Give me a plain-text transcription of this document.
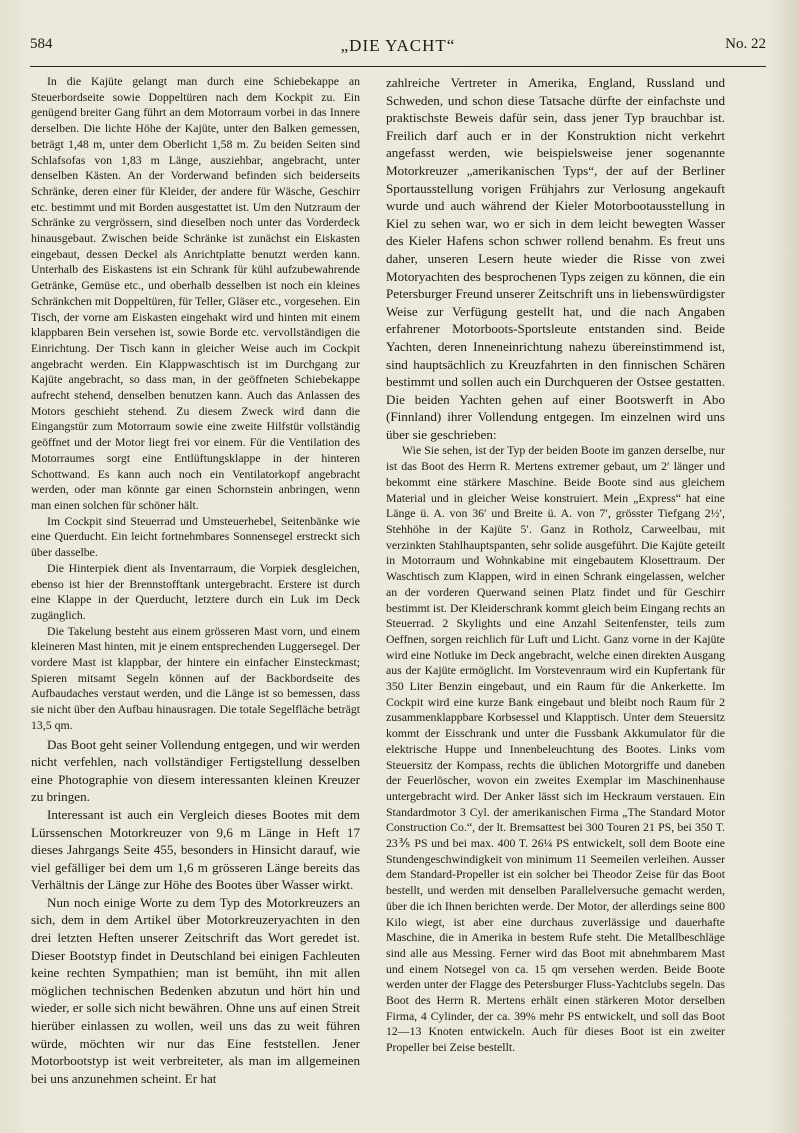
584	„DIE YACHT“	No. 22

In die Kajüte gelangt man durch eine Schiebekappe an Steuerbordseite sowie Doppeltüren nach dem Kockpit zu. Ein genügend breiter Gang führt an dem Motorraum vorbei in das Innere derselben. Die lichte Höhe der Kajüte, unter den Balken gemessen, beträgt 1,48 m, unter dem Oberlicht 1,58 m. Zu beiden Seiten sind Schlafsofas von 1,83 m Länge, ausziehbar, angebracht, unter denselben Kästen. An der Vorderwand befinden sich beiderseits Schränke, deren einer für Kleider, der andere für Wäsche, Geschirr etc. bestimmt und mit Borden ausgestattet ist. Um den Nutzraum der Schränke zu vergrössern, sind dieselben noch unter das Vorderdeck hinausgebaut. Zwischen beide Schränke ist zunächst ein Eiskasten eingebaut, dessen Deckel als Anrichtplatte benutzt werden kann. Unterhalb des Eiskastens ist ein Schrank für kühl aufzubewahrende Getränke, Gemüse etc., und oberhalb desselben ist noch ein kleines Schränkchen mit Doppeltüren, für Teller, Gläser etc., vorgesehen. Ein Tisch, der vorne am Eiskasten eingehakt wird und hinten mit einem klappbaren Bein versehen ist, sowie Borde etc. vervollständigen die Einrichtung. Der Tisch kann in gleicher Weise auch im Cockpit angebracht werden. Ein Klappwaschtisch ist im Durchgang zur Kajüte angebracht, so dass man, in der geöffneten Schiebekappe aufrecht stehend, denselben benutzen kann. Auch das Anlassen des Motors geschieht stehend. Zu diesem Zweck wird dann die Eingangstür zum Motorraum sowie eine zweite Hilfstür vollständig geöffnet und der Motor liegt frei vor einem. Für die Ventilation des Motorraumes sorgt eine Entlüftungsklappe in der hinteren Schottwand. Es kann auch noch ein Ventilatorkopf angebracht werden, oder man könnte gar einen Schornstein anbringen, wenn man einen solchen für schöner hält.

Im Cockpit sind Steuerrad und Umsteuerhebel, Seitenbänke wie eine Querducht. Ein leicht fortnehmbares Sonnensegel erstreckt sich über dasselbe.

Die Hinterpiek dient als Inventarraum, die Vorpiek desgleichen, ebenso ist hier der Brennstofftank untergebracht. Erstere ist durch eine Klappe in der Querducht, letztere durch ein Luk im Deck zugänglich.

Die Takelung besteht aus einem grösseren Mast vorn, und einem kleineren Mast hinten, mit je einem entsprechenden Luggersegel. Der vordere Mast ist klappbar, der hintere ein einfacher Einsteckmast; Spieren mitsamt Segeln können auf der Backbordseite des Aufbaudaches verstaut werden, und die Länge ist so bemessen, dass sie nicht über den Aufbau hinausragen. Die totale Segelfläche beträgt 13,5 qm.

Das Boot geht seiner Vollendung entgegen, und wir werden nicht verfehlen, nach vollständiger Fertigstellung desselben eine Photographie von diesem interessanten kleinen Kreuzer zu bringen.

Interessant ist auch ein Vergleich dieses Bootes mit dem Lürssenschen Motorkreuzer von 9,6 m Länge in Heft 17 dieses Jahrgangs Seite 455, besonders in Hinsicht darauf, wie viel gefälliger bei dem um 1,6 m grösseren Länge bereits das Verhältnis der Länge zur Höhe des Bootes über Wasser wirkt.

Nun noch einige Worte zu dem Typ des Motorkreuzers an sich, dem in dem Artikel über Motorkreuzeryachten in den drei letzten Heften unserer Zeitschrift das Wort geredet ist. Dieser Bootstyp findet in Deutschland bei einigen Fachleuten keine rechten Sympathien; man ist bemüht, ihn mit allen möglichen technischen Bedenken abzutun und hört hin und wieder, er solle sich nicht bewähren. Ohne uns auf einen Streit hierüber einlassen zu wollen, weil uns das zu weit führen würde, möchten wir nur das Eine feststellen. Jener Motorbootstyp ist weit verbreiteter, als man im allgemeinen bei uns anzunehmen scheint. Er hat

zahlreiche Vertreter in Amerika, England, Russland und Schweden, und schon diese Tatsache dürfte der einfachste und praktischste Beweis dafür sein, dass jener Typ brauchbar ist. Freilich darf auch er in der Konstruktion nicht verkehrt angefasst werden, wie beispielsweise jener sogenannte Motorkreuzer „amerikanischen Typs“, der auf der Berliner Sportausstellung vorigen Frühjahrs zur Verlosung angekauft wurde und auch während der Kieler Motorbootausstellung in Kiel zu sehen war, wo er sich in dem leicht bewegten Wasser des Kieler Hafens schon schwer rollend benahm. Es freut uns daher, unseren Lesern heute wieder die Risse von zwei Motoryachten des besprochenen Typs zeigen zu können, die ein Petersburger Freund unserer Zeitschrift uns in liebenswürdigster Weise zur Verfügung gestellt hat, und die nach Angaben erfahrener Motorboots-Sportsleute entstanden sind. Beide Yachten, deren Inneneinrichtung nahezu übereinstimmend ist, sind hauptsächlich zu Kreuzfahrten in den finnischen Schären bestimmt und sollen auch ein Durchqueren der Ostsee gestatten. Die beiden Yachten gehen auf einer Bootswerft in Abo (Finnland) ihrer Vollendung entgegen. Im einzelnen wird uns über sie geschrieben:

Wie Sie sehen, ist der Typ der beiden Boote im ganzen derselbe, nur ist das Boot des Herrn R. Mertens extremer gebaut, um 2′ länger und bekommt eine stärkere Maschine. Beide Boote sind aus gleichem Material und in gleicher Weise konstruiert. Mein „Express“ hat eine Länge ü. A. von 36′ und Breite ü. A. von 7′, grösster Tiefgang 2½′, Stehhöhe in der Kajüte 5′. Ganz in Rotholz, Carweelbau, mit verzinkten Stahlhauptspanten, sehr solide ausgeführt. Die Kajüte geteilt in Motorraum und Wohnkabine mit eingebautem Klosettraum. Der Waschtisch zum Klappen, wird in einen Schrank eingelassen, welcher an der vorderen Querwand seinen Platz findet und für Geschirr bestimmt ist. Der Kleiderschrank kommt gleich beim Eingang rechts an Steuerrad. 2 Skylights und eine Anzahl Seitenfenster, teils zum Oeffnen, sorgen reichlich für Luft und Licht. Ganz vorne in der Kajüte wird eine Notluke im Deck angebracht, welche einen direkten Ausgang aus der Kajüte ermöglicht. Im Vorstevenraum wird ein Kupfertank für 350 Liter Benzin eingebaut, und ein Raum für die Ankerkette. Im Cockpit wird eine kurze Bank eingebaut und bleibt noch Raum für 2 zusammenklappbare Korbsessel und Klapptisch. Unter dem Steuersitz kommt der Eisschrank und unter die Fussbank Akkumulator für die elektrische Huppe und Innenbeleuchtung des Bootes. Links vom Steuersitz der Kompass, rechts die üblichen Motorgriffe und daneben der Feuerlöscher, wovon ein zweites Exemplar im Maschinenhause untergebracht wird. Der Anker lässt sich im Heckraum verstauen. Ein Standardmotor 3 Cyl. der amerikanischen Firma „The Standard Motor Construction Co.“, der lt. Bremsattest bei 300 Touren 21 PS, bei 350 T. 23⅗ PS und bei max. 400 T. 26¼ PS entwickelt, soll dem Boote eine Stundengeschwindigkeit von minimum 11 Seemeilen verleihen. Ausser dem Standard-Propeller ist ein solcher bei Theodor Zeise für das Boot bestellt, und werden mit denselben Parallelversuche gemacht werden, über die ich Ihnen berichten werde. Der Motor, der allerdings seine 800 Kilo wiegt, ist aber eine durchaus zuverlässige und dauerhafte Maschine, die in Amerika in bestem Rufe steht. Die Metallbeschläge sind alle aus Messing. Ferner wird das Boot mit abnehmbarem Mast und einem Notsegel von ca. 15 qm versehen werden. Beide Boote werden unter der Flagge des Petersburger Fluss-Yachtclubs segeln. Das Boot des Herrn R. Mertens erhält einen stärkeren Motor derselben Firma, 4 Cylinder, der ca. 39% mehr PS entwickelt, und soll das Boot 12—13 Knoten entwickeln. Auch für dieses Boot ist ein zweiter Propeller bei Zeise bestellt.
